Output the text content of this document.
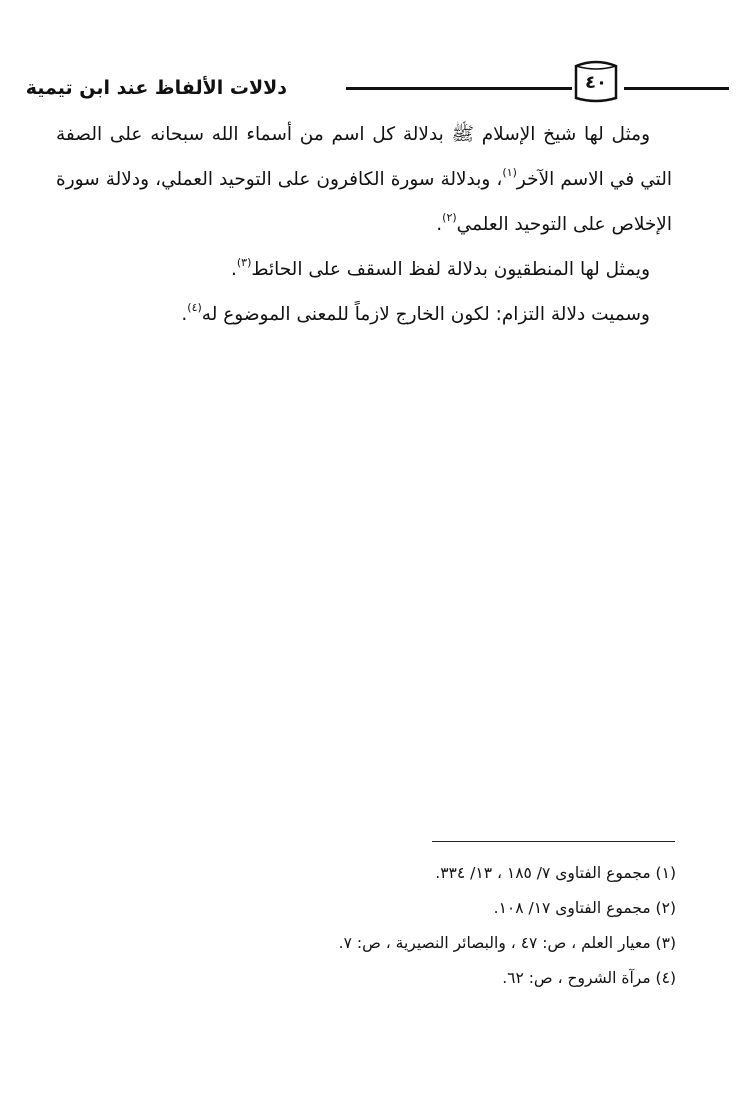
٤٠
دلالات الألفاظ عند ابن تيمية

ومثل لها شيخ الإسلام ﷺ بدلالة كل اسم من أسماء الله سبحانه على الصفة التي في الاسم الآخر$^{(١)}$، وبدلالة سورة الكافرون على التوحيد العملي، ودلالة سورة الإخلاص على التوحيد العلمي$^{(٢)}$.

ويمثل لها المنطقيون بدلالة لفظ السقف على الحائط$^{(٣)}$.

وسميت دلالة التزام: لكون الخارج لازماً للمعنى الموضوع له$^{(٤)}$.

(١) مجموع الفتاوى ٧/ ١٨٥ ، ١٣/ ٣٣٤.

(٢) مجموع الفتاوى ١٧/ ١٠٨.

(٣) معيار العلم ، ص: ٤٧ ، والبصائر النصيرية ، ص: ٧.

(٤) مرآة الشروح ، ص: ٦٢.
